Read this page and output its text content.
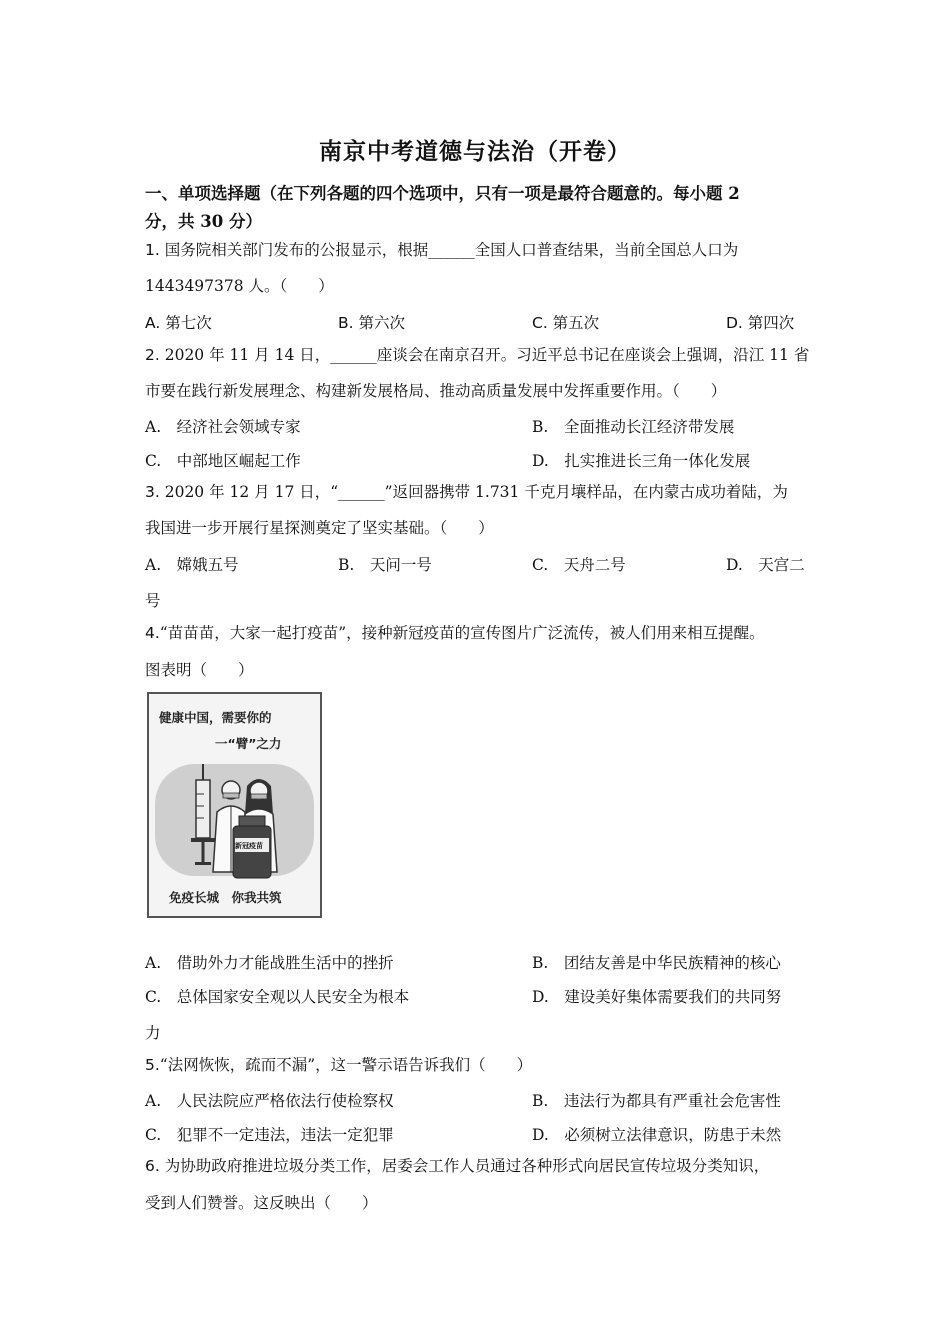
南京中考道德与法治（开卷）
一、单项选择题（在下列各题的四个选项中，只有一项是最符合题意的。每小题 2
分，共 30 分）
1. 国务院相关部门发布的公报显示，根据______全国人口普查结果，当前全国总人口为
1443497378 人。（　　）
A. 第七次	B. 第六次	C. 第五次	D. 第四次
2. 2020 年 11 月 14 日，______座谈会在南京召开。习近平总书记在座谈会上强调，沿江 11 省
市要在践行新发展理念、构建新发展格局、推动高质量发展中发挥重要作用。（　　）
A.　经济社会领域专家	B.　全面推动长江经济带发展
C.　中部地区崛起工作	D.　扎实推进长三角一体化发展
3. 2020 年 12 月 17 日，“______”返回器携带 1.731 千克月壤样品，在内蒙古成功着陆，为
我国进一步开展行星探测奠定了坚实基础。（　　）
A.　嫦娥五号	B.　天问一号	C.　天舟二号	D.　天宫二
号
4.“苗苗苗，大家一起打疫苗”，接种新冠疫苗的宣传图片广泛流传，被人们用来相互提醒。
图表明（　　）
健康中国，需要你的
一“臂”之力
新冠疫苗
免疫长城　你我共筑
A.　借助外力才能战胜生活中的挫折	B.　团结友善是中华民族精神的核心
C.　总体国家安全观以人民安全为根本	D.　建设美好集体需要我们的共同努
力
5.“法网恢恢，疏而不漏”，这一警示语告诉我们（　　）
A.　人民法院应严格依法行使检察权	B.　违法行为都具有严重社会危害性
C.　犯罪不一定违法，违法一定犯罪	D.　必须树立法律意识，防患于未然
6. 为协助政府推进垃圾分类工作，居委会工作人员通过各种形式向居民宣传垃圾分类知识，
受到人们赞誉。这反映出（　　）
